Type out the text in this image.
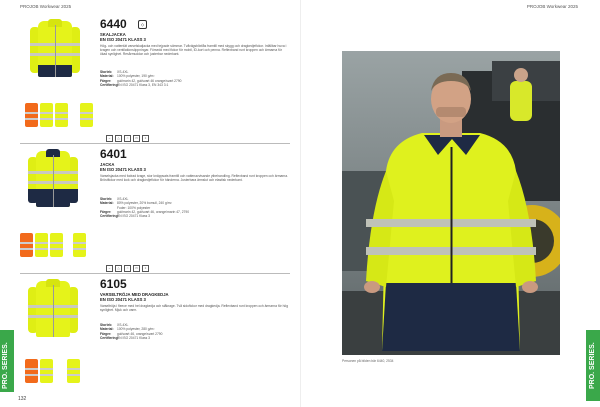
PROJOB Workwear 2025
6440	◇
SKALJACKA
EN ISO 20471 KLASS 3
Hög- och vattentät varselskaljacka med tejpade sömmar. Tvåvägsblixtlås framtill med skygg och dragkedjefickor. Infällbar huva i kragen och ventilationsöppningar. Försedd med fickor för mobil, ID-kort och penna. Reflexband runt kroppen och ärmarna för ökad synlighet. Resårmuddar och justerbar nederkant.
Storlek:	XS-4XL
Material:	100% polyester, 190 g/m²
Färger:	gul/marin 42, gul/svart 46 orange/svart 2790
Certifiering:
EN ISO 20471 Klass 3, EN 343 3:1
~	△	○	▭	×
6401
JACKA
EN ISO 20471 KLASS 3
Varselsjacka med fodrad krage, stor knäppsats framtill och vattenavvisande ytbehandling. Reflexband runt kroppen och ärmarna. Bröstfickor med lock och dragkedjefickor för händerna. Justerbara ärmslut och elastisk nederkant.
Storlek:	XS-4XL
Material:	80% polyester, 20% bomull, 240 g/m²
Foder: 100% polyester
Färger:	gul/marin 42, gul/svart 46, orange/marin 47, 2790
Certifiering:
EN ISO 20471 Klass 3
~	△	○	▭	×
6105
VARSELTRÖJA MED DRAGKEDJA
EN ISO 20471 KLASS 3
Varseltröja i fleece med hel dragkedja och ståkrage. Två sidofickor med dragkedja. Reflexband runt kroppen och ärmarna för hög synlighet. Mjuk och varm.
Storlek:	XS-4XL
Material:	100% polyester, 280 g/m²
Färger:	gul/svart 46, orange/svart 2790
Certifiering:
EN ISO 20471 Klass 3
PRO. SERIES.
132
PROJOB Workwear 2025
Personen på bilden bär 6440, 2534	PRO. SERIES.
133
